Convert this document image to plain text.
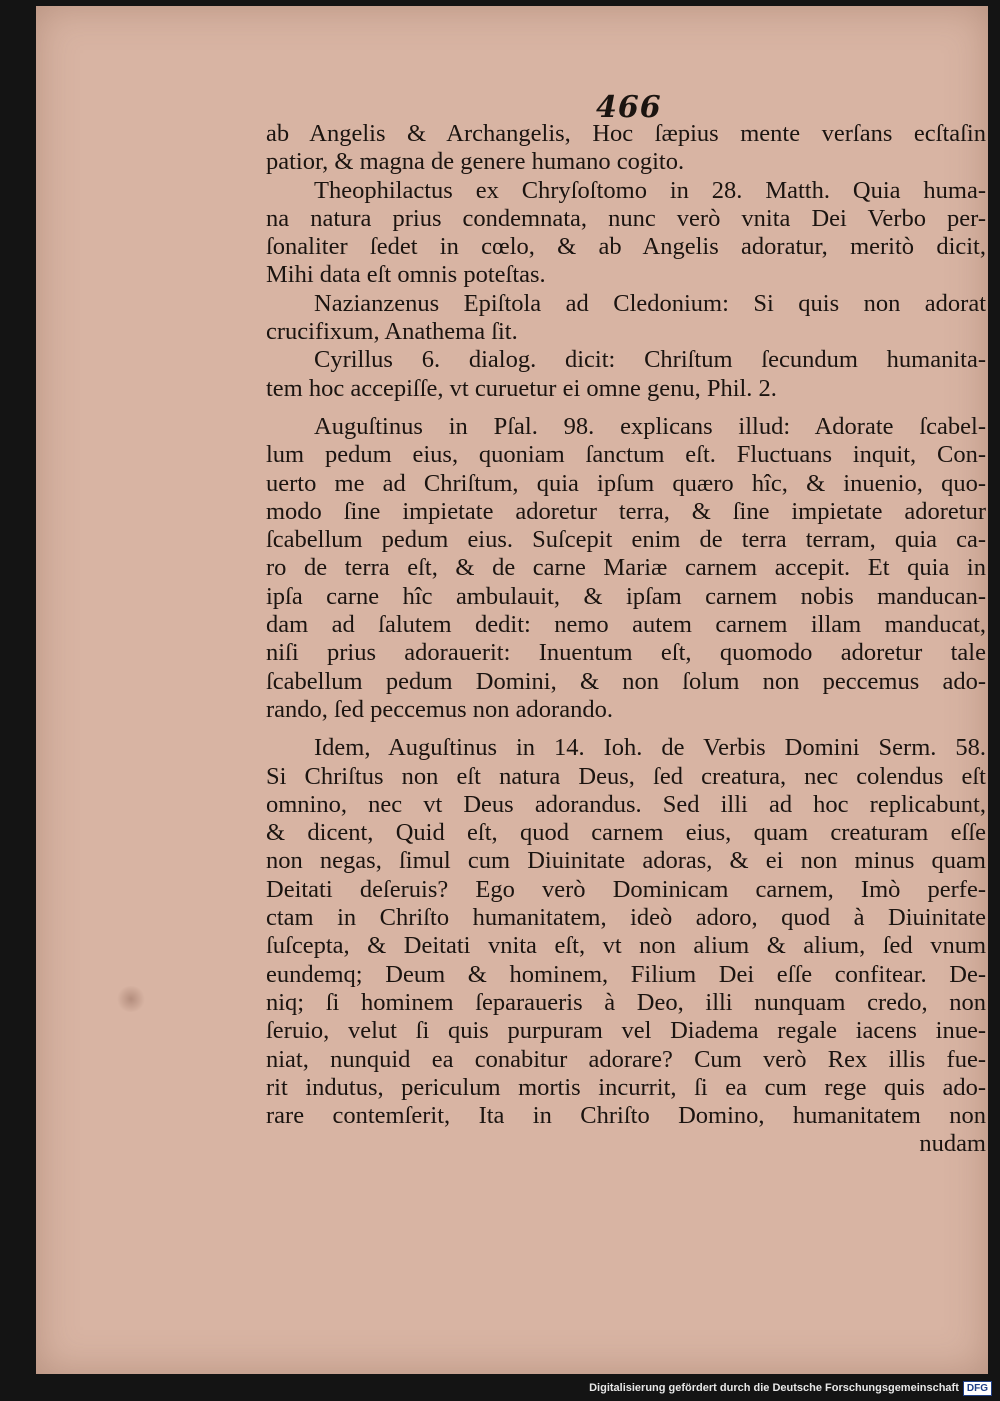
466
ab Angelis & Archangelis, Hoc ſæpius mente verſans ecſtaſin
patior, & magna de genere humano cogito.
Theophilactus ex Chryſoſtomo in 28. Matth. Quia huma-
na natura prius condemnata, nunc verò vnita Dei Verbo per-
ſonaliter ſedet in cœlo, & ab Angelis adoratur, meritò dicit,
Mihi data eſt omnis poteſtas.
Nazianzenus Epiſtola ad Cledonium: Si quis non adorat
crucifixum, Anathema ſit.
Cyrillus 6. dialog. dicit: Chriſtum ſecundum humanita-
tem hoc accepiſſe, vt curuetur ei omne genu, Phil. 2.
Auguſtinus in Pſal. 98. explicans illud: Adorate ſcabel-
lum pedum eius, quoniam ſanctum eſt. Fluctuans inquit, Con-
uerto me ad Chriſtum, quia ipſum quæro hîc, & inuenio, quo-
modo ſine impietate adoretur terra, & ſine impietate adoretur
ſcabellum pedum eius. Suſcepit enim de terra terram, quia ca-
ro de terra eſt, & de carne Mariæ carnem accepit. Et quia in
ipſa carne hîc ambulauit, & ipſam carnem nobis manducan-
dam ad ſalutem dedit: nemo autem carnem illam manducat,
niſi prius adorauerit: Inuentum eſt, quomodo adoretur tale
ſcabellum pedum Domini, & non ſolum non peccemus ado-
rando, ſed peccemus non adorando.
Idem, Auguſtinus in 14. Ioh. de Verbis Domini Serm. 58.
Si Chriſtus non eſt natura Deus, ſed creatura, nec colendus eſt
omnino, nec vt Deus adorandus. Sed illi ad hoc replicabunt,
& dicent, Quid eſt, quod carnem eius, quam creaturam eſſe
non negas, ſimul cum Diuinitate adoras, & ei non minus quam
Deitati deſeruis? Ego verò Dominicam carnem, Imò perfe-
ctam in Chriſto humanitatem, ideò adoro, quod à Diuinitate
ſuſcepta, & Deitati vnita eſt, vt non alium & alium, ſed vnum
eundemq; Deum & hominem, Filium Dei eſſe confitear. De-
niq; ſi hominem ſeparaueris à Deo, illi nunquam credo, non
ſeruio, velut ſi quis purpuram vel Diadema regale iacens inue-
niat, nunquid ea conabitur adorare? Cum verò Rex illis fue-
rit indutus, periculum mortis incurrit, ſi ea cum rege quis ado-
rare contemſerit, Ita in Chriſto Domino, humanitatem non
nudam
Digitalisierung gefördert durch die Deutsche Forschungsgemeinschaft DFG
